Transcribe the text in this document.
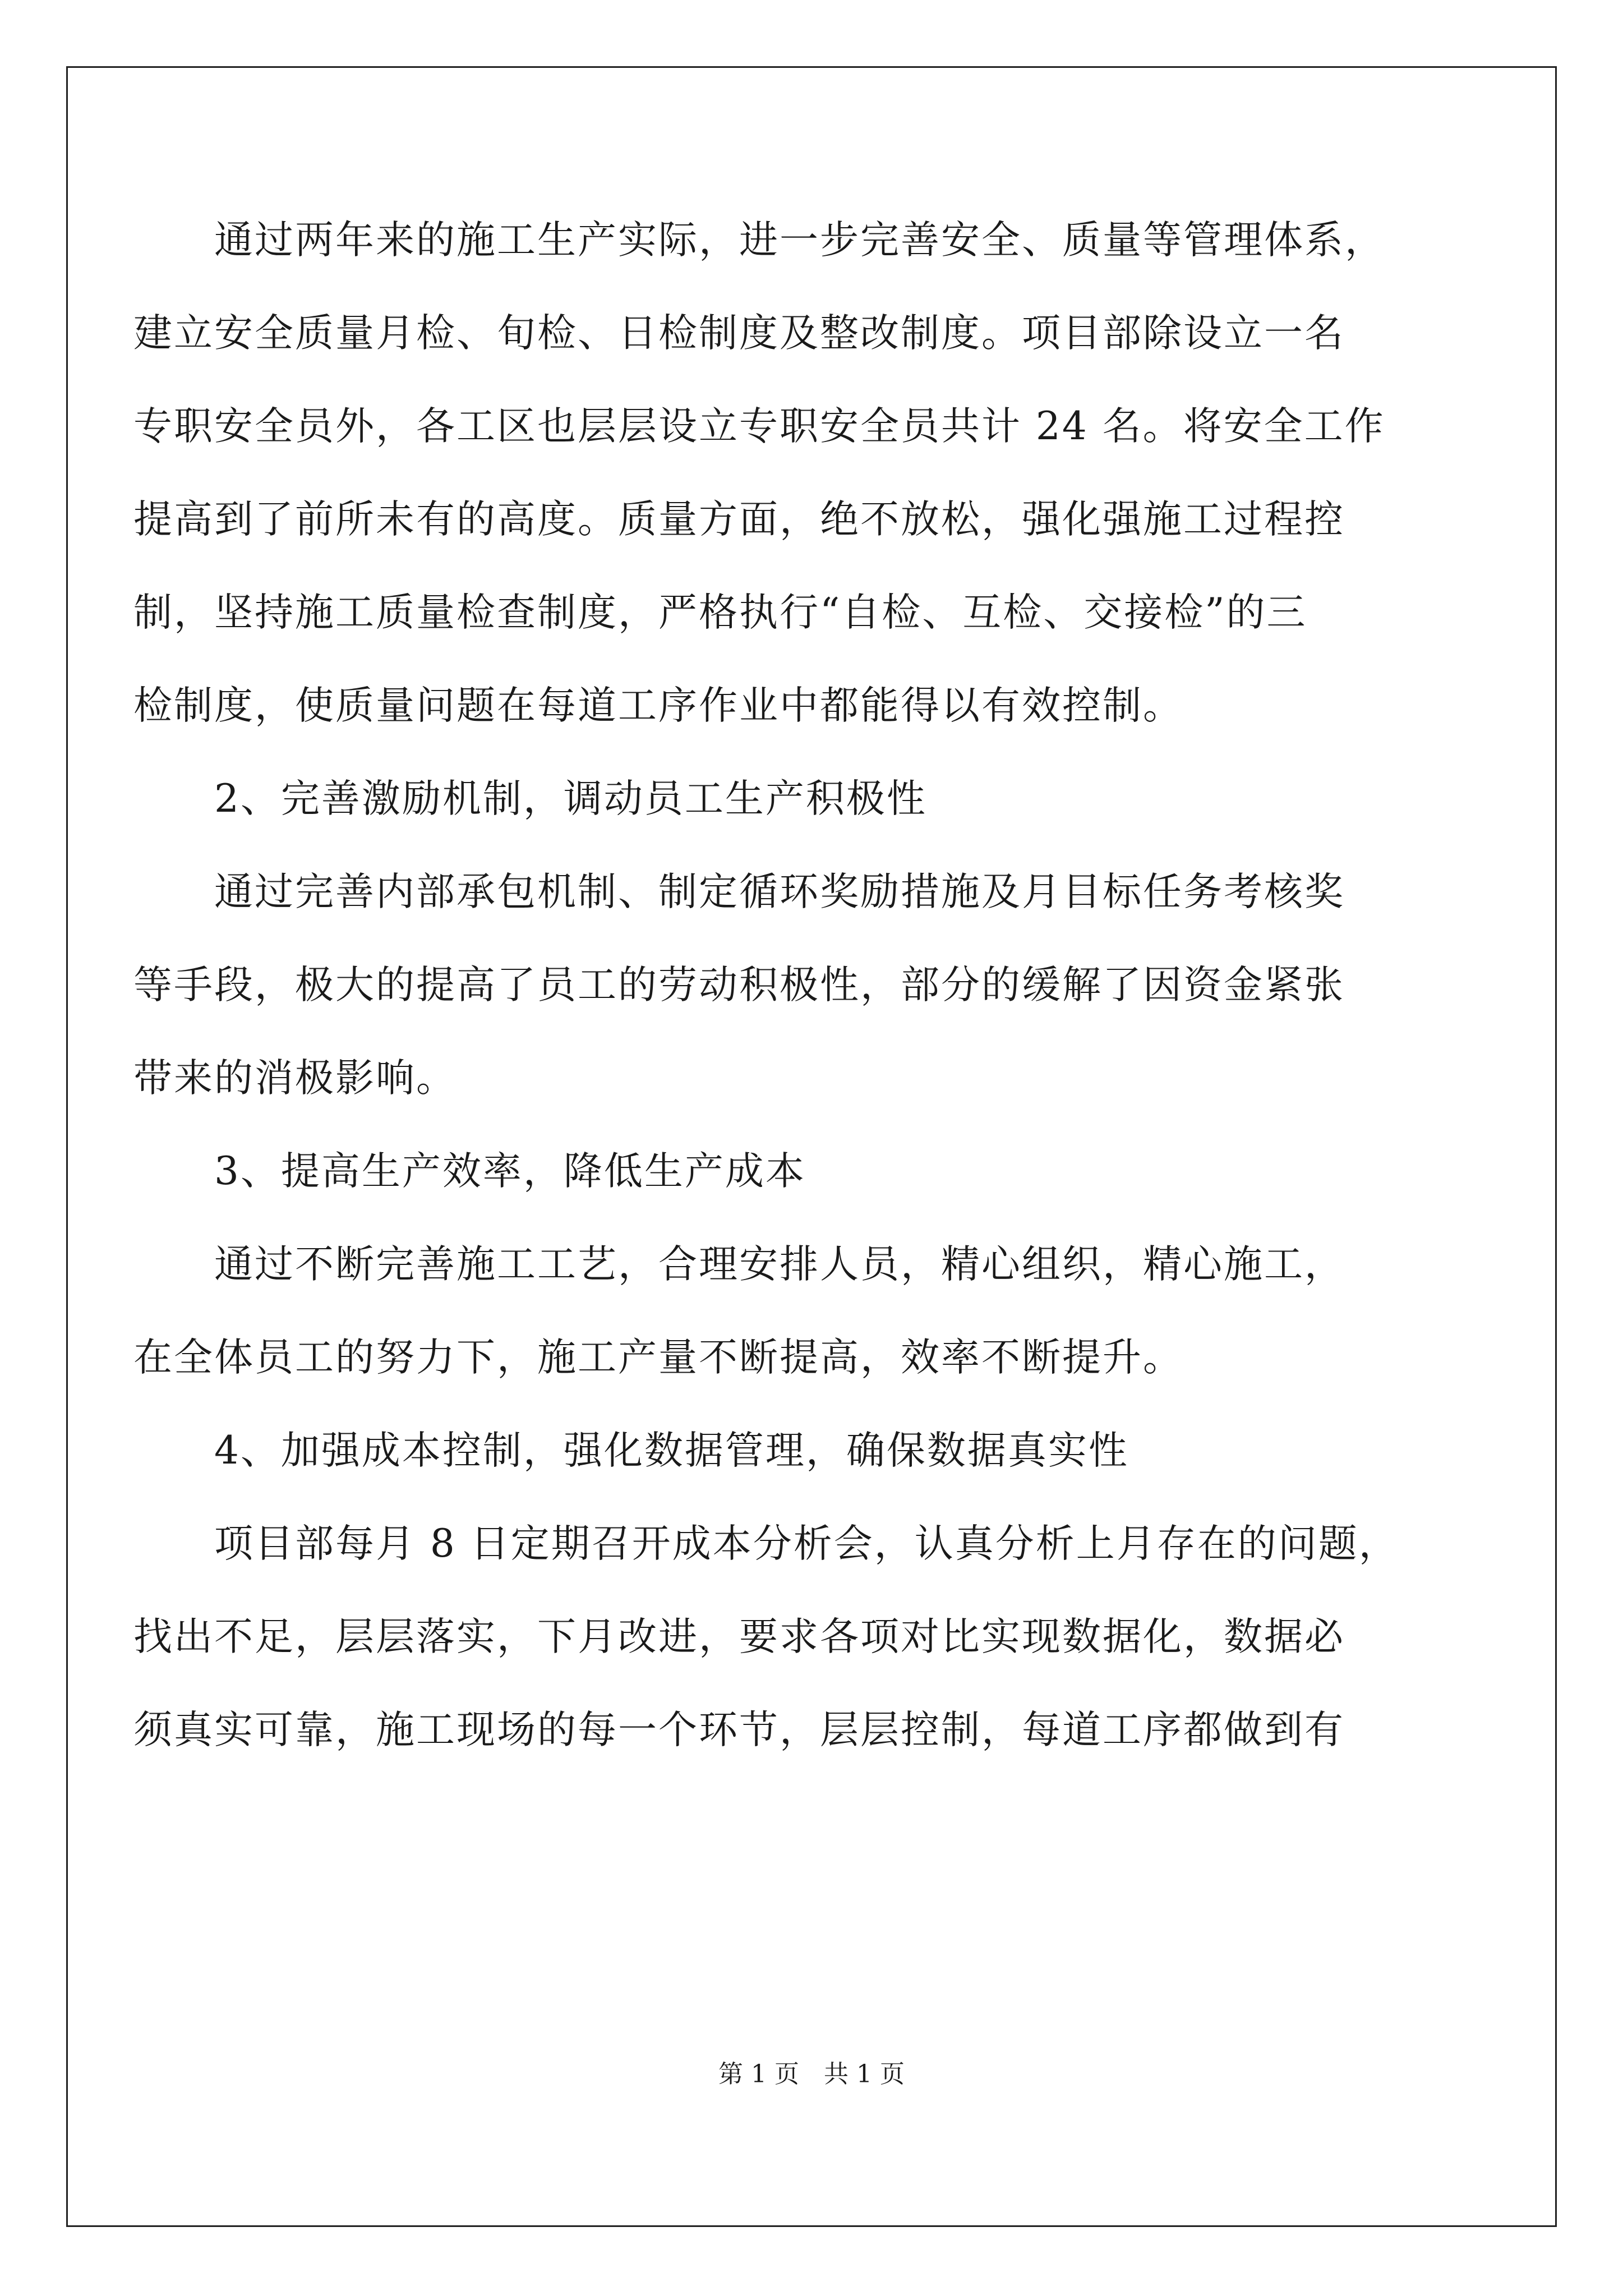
　　通过两年来的施工生产实际，进一步完善安全、质量等管理体系，
建立安全质量月检、旬检、日检制度及整改制度。项目部除设立一名
专职安全员外，各工区也层层设立专职安全员共计 24 名。将安全工作
提高到了前所未有的高度。质量方面，绝不放松，强化强施工过程控
制，坚持施工质量检查制度，严格执行“自检、互检、交接检”的三
检制度，使质量问题在每道工序作业中都能得以有效控制。
　　2、完善激励机制，调动员工生产积极性
　　通过完善内部承包机制、制定循环奖励措施及月目标任务考核奖
等手段，极大的提高了员工的劳动积极性，部分的缓解了因资金紧张
带来的消极影响。
　　3、提高生产效率，降低生产成本
　　通过不断完善施工工艺，合理安排人员，精心组织，精心施工，
在全体员工的努力下，施工产量不断提高，效率不断提升。
　　4、加强成本控制，强化数据管理，确保数据真实性
　　项目部每月 8 日定期召开成本分析会，认真分析上月存在的问题，
找出不足，层层落实，下月改进，要求各项对比实现数据化，数据必
须真实可靠，施工现场的每一个环节，层层控制，每道工序都做到有
第 1 页　共 1 页
